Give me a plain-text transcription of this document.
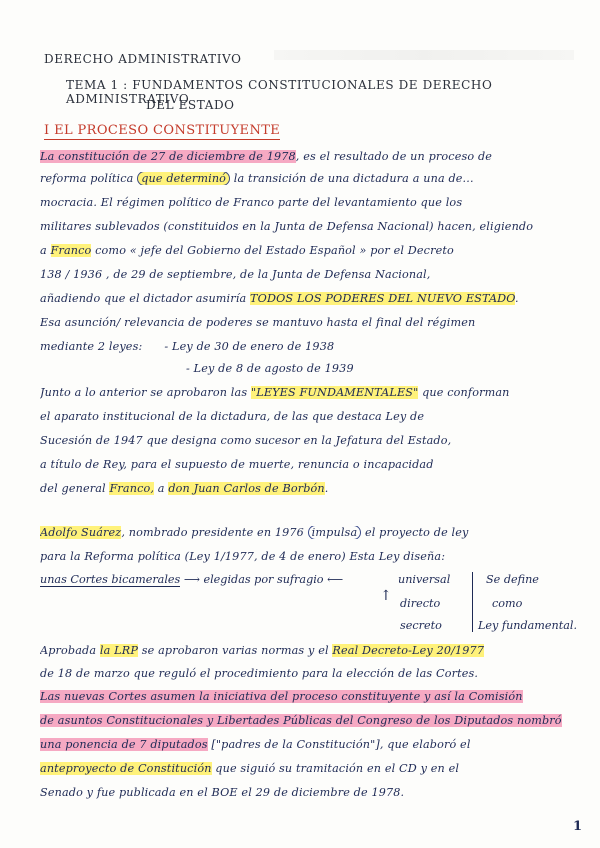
DERECHO ADMINISTRATIVO
TEMA 1 : FUNDAMENTOS CONSTITUCIONALES DE DERECHO ADMINISTRATIVO
DEL ESTADO
I EL PROCESO CONSTITUYENTE
La constitución de 27 de diciembre de 1978, es el resultado de un proceso de
reforma política que determinó la transición de una dictadura a una de...
mocracia. El régimen político de Franco parte del levantamiento que los
militares sublevados (constituidos en la Junta de Defensa Nacional) hacen, eligiendo
a Franco como « jefe del Gobierno del Estado Español » por el Decreto
138 / 1936 , de 29 de septiembre, de la Junta de Defensa Nacional,
añadiendo que el dictador asumiría TODOS LOS PODERES DEL NUEVO ESTADO.
Esa asunción/ relevancia de poderes se mantuvo hasta el final del régimen
mediante 2 leyes: - Ley de 30 de enero de 1938
- Ley de 8 de agosto de 1939
Junto a lo anterior se aprobaron las "LEYES FUNDAMENTALES" que conforman
el aparato institucional de la dictadura, de las que destaca Ley de
Sucesión de 1947 que designa como sucesor en la Jefatura del Estado,
a título de Rey, para el supuesto de muerte, renuncia o incapacidad
del general Franco, a don Juan Carlos de Borbón.
Adolfo Suárez, nombrado presidente en 1976 impulsa el proyecto de ley
para la Reforma política (Ley 1/1977, de 4 de enero) Esta Ley diseña:
unas Cortes bicamerales ⟶ elegidas por sufragio ⟵	universal	Se define
↑ directo	como
secreto	Ley fundamental.
Aprobada la LRP se aprobaron varias normas y el Real Decreto-Ley 20/1977
de 18 de marzo que reguló el procedimiento para la elección de las Cortes.
Las nuevas Cortes asumen la iniciativa del proceso constituyente y así la Comisión
de asuntos Constitucionales y Libertades Públicas del Congreso de los Diputados nombró
una ponencia de 7 diputados ["padres de la Constitución"], que elaboró el
anteproyecto de Constitución que siguió su tramitación en el CD y en el
Senado y fue publicada en el BOE el 29 de diciembre de 1978.
1
